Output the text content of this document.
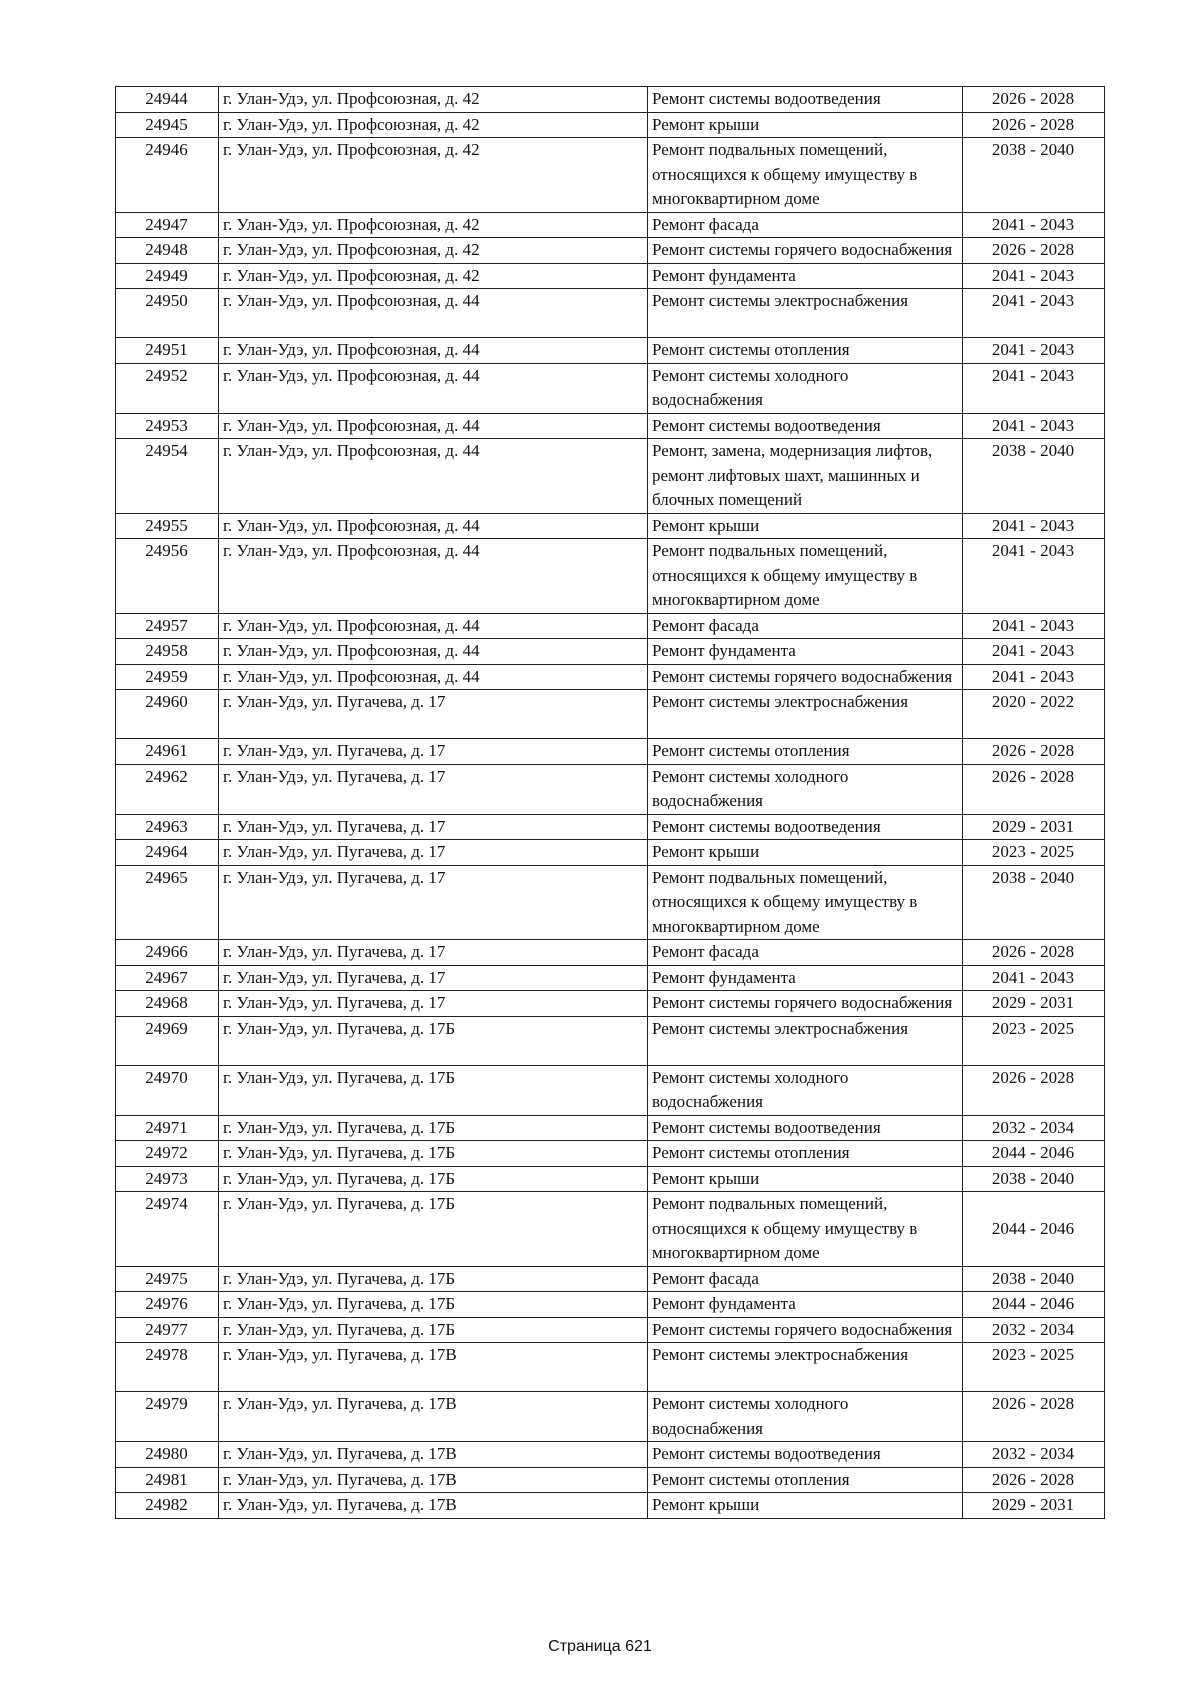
24944	г. Улан-Удэ, ул. Профсоюзная, д. 42	Ремонт системы водоотведения	2026 - 2028
24945	г. Улан-Удэ, ул. Профсоюзная, д. 42	Ремонт крыши	2026 - 2028
24946	г. Улан-Удэ, ул. Профсоюзная, д. 42	Ремонт подвальных помещений, относящихся к общему имуществу в многоквартирном доме	2038 - 2040
24947	г. Улан-Удэ, ул. Профсоюзная, д. 42	Ремонт фасада	2041 - 2043
24948	г. Улан-Удэ, ул. Профсоюзная, д. 42	Ремонт системы горячего водоснабжения	2026 - 2028
24949	г. Улан-Удэ, ул. Профсоюзная, д. 42	Ремонт фундамента	2041 - 2043
24950	г. Улан-Удэ, ул. Профсоюзная, д. 44	Ремонт системы электроснабжения	2041 - 2043
24951	г. Улан-Удэ, ул. Профсоюзная, д. 44	Ремонт системы отопления	2041 - 2043
24952	г. Улан-Удэ, ул. Профсоюзная, д. 44	Ремонт системы холодного водоснабжения	2041 - 2043
24953	г. Улан-Удэ, ул. Профсоюзная, д. 44	Ремонт системы водоотведения	2041 - 2043
24954	г. Улан-Удэ, ул. Профсоюзная, д. 44	Ремонт, замена, модернизация лифтов, ремонт лифтовых шахт, машинных и блочных помещений	2038 - 2040
24955	г. Улан-Удэ, ул. Профсоюзная, д. 44	Ремонт крыши	2041 - 2043
24956	г. Улан-Удэ, ул. Профсоюзная, д. 44	Ремонт подвальных помещений, относящихся к общему имуществу в многоквартирном доме	2041 - 2043
24957	г. Улан-Удэ, ул. Профсоюзная, д. 44	Ремонт фасада	2041 - 2043
24958	г. Улан-Удэ, ул. Профсоюзная, д. 44	Ремонт фундамента	2041 - 2043
24959	г. Улан-Удэ, ул. Профсоюзная, д. 44	Ремонт системы горячего водоснабжения	2041 - 2043
24960	г. Улан-Удэ, ул. Пугачева, д. 17	Ремонт системы электроснабжения	2020 - 2022
24961	г. Улан-Удэ, ул. Пугачева, д. 17	Ремонт системы отопления	2026 - 2028
24962	г. Улан-Удэ, ул. Пугачева, д. 17	Ремонт системы холодного водоснабжения	2026 - 2028
24963	г. Улан-Удэ, ул. Пугачева, д. 17	Ремонт системы водоотведения	2029 - 2031
24964	г. Улан-Удэ, ул. Пугачева, д. 17	Ремонт крыши	2023 - 2025
24965	г. Улан-Удэ, ул. Пугачева, д. 17	Ремонт подвальных помещений, относящихся к общему имуществу в многоквартирном доме	2038 - 2040
24966	г. Улан-Удэ, ул. Пугачева, д. 17	Ремонт фасада	2026 - 2028
24967	г. Улан-Удэ, ул. Пугачева, д. 17	Ремонт фундамента	2041 - 2043
24968	г. Улан-Удэ, ул. Пугачева, д. 17	Ремонт системы горячего водоснабжения	2029 - 2031
24969	г. Улан-Удэ, ул. Пугачева, д. 17Б	Ремонт системы электроснабжения	2023 - 2025
24970	г. Улан-Удэ, ул. Пугачева, д. 17Б	Ремонт системы холодного водоснабжения	2026 - 2028
24971	г. Улан-Удэ, ул. Пугачева, д. 17Б	Ремонт системы водоотведения	2032 - 2034
24972	г. Улан-Удэ, ул. Пугачева, д. 17Б	Ремонт системы отопления	2044 - 2046
24973	г. Улан-Удэ, ул. Пугачева, д. 17Б	Ремонт крыши	2038 - 2040
24974	г. Улан-Удэ, ул. Пугачева, д. 17Б	Ремонт подвальных помещений, относящихся к общему имуществу в многоквартирном доме	2044 - 2046
24975	г. Улан-Удэ, ул. Пугачева, д. 17Б	Ремонт фасада	2038 - 2040
24976	г. Улан-Удэ, ул. Пугачева, д. 17Б	Ремонт фундамента	2044 - 2046
24977	г. Улан-Удэ, ул. Пугачева, д. 17Б	Ремонт системы горячего водоснабжения	2032 - 2034
24978	г. Улан-Удэ, ул. Пугачева, д. 17В	Ремонт системы электроснабжения	2023 - 2025
24979	г. Улан-Удэ, ул. Пугачева, д. 17В	Ремонт системы холодного водоснабжения	2026 - 2028
24980	г. Улан-Удэ, ул. Пугачева, д. 17В	Ремонт системы водоотведения	2032 - 2034
24981	г. Улан-Удэ, ул. Пугачева, д. 17В	Ремонт системы отопления	2026 - 2028
24982	г. Улан-Удэ, ул. Пугачева, д. 17В	Ремонт крыши	2029 - 2031
Страница 621
